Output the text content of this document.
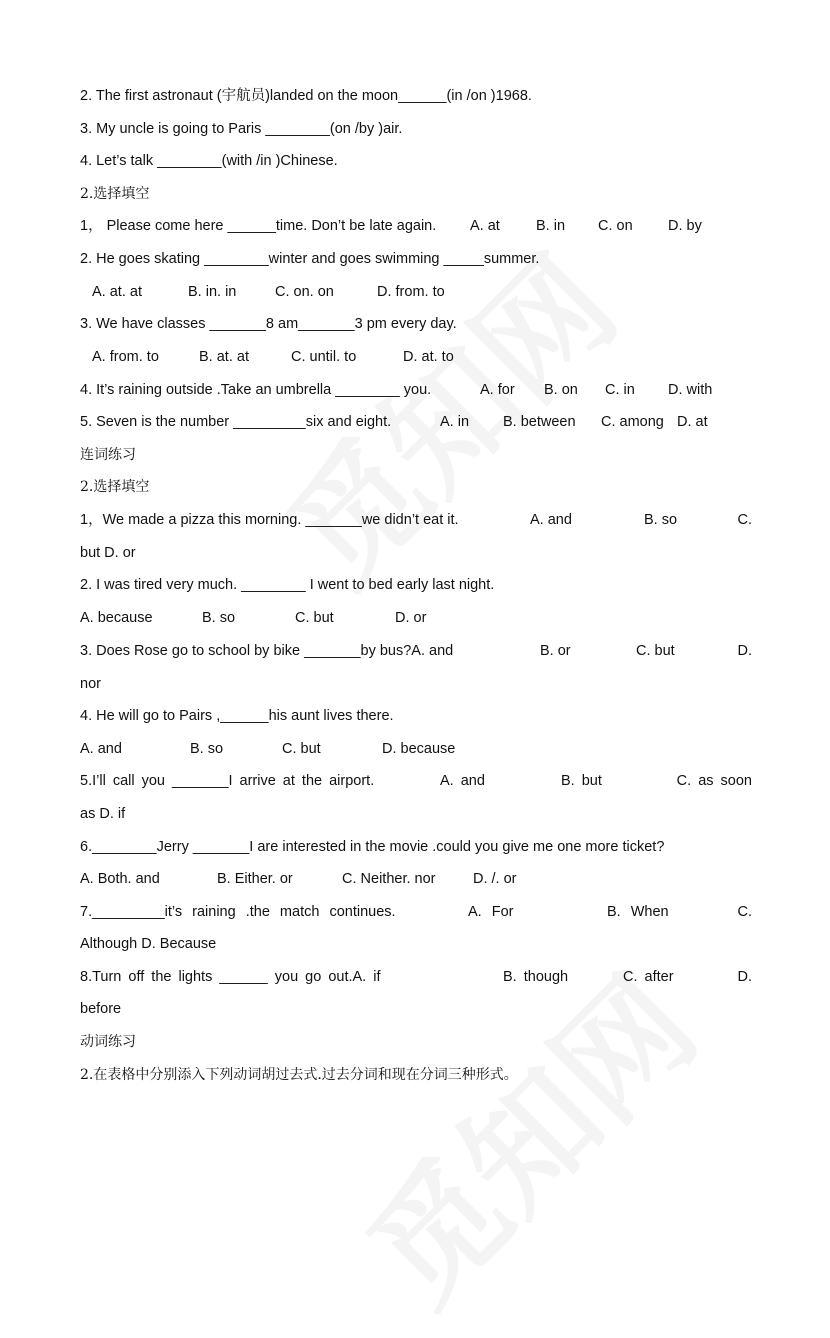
2. The first astronaut (宇航员)landed on the moon______(in /on )1968.
3. My uncle is going to Paris ________(on /by )air.
4. Let’s talk ________(with /in )Chinese.
2.选择填空
1， Please come here ______time. Don’t be late again. A. at B. in C. on D. by
2. He goes skating ________winter and goes swimming _____summer.
A. at. at	B. in. in	C. on. on	D. from. to
3. We have classes _______8 am_______3 pm every day.
A. from. to	B. at. at	C. until. to	D. at. to
4. It’s raining outside .Take an umbrella ________ you.	A. for B. on C. in D. with
5. Seven is the number _________six and eight.	A. in B. between C. among D. at
连词练习
2.选择填空
1，We made a pizza this morning. _______we didn’t eat it.	A. and	B. so	C.
but D. or
2. I was tired very much. ________ I went to bed early last night.
A. because	B. so	C. but	D. or
3. Does Rose go to school by bike _______by bus?A. and	B. or	C. but	D.
nor
4. He will go to Pairs ,______his aunt lives there.
A. and	B. so	C. but	D. because
5.I’ll call you _______I arrive at the airport.	A. and	B. but	C. as soon
as D. if
6.________Jerry _______I are interested in the movie .could you give me one more ticket?
A. Both. and	B. Either. or	C. Neither. nor	D. /. or
7._________it’s raining .the match continues.	A. For	B. When	C.
Although D. Because
8.Turn off the lights ______ you go out.A. if	B. though	C. after	D.
before
动词练习
2.在表格中分别添入下列动词胡过去式.过去分词和现在分词三种形式。
